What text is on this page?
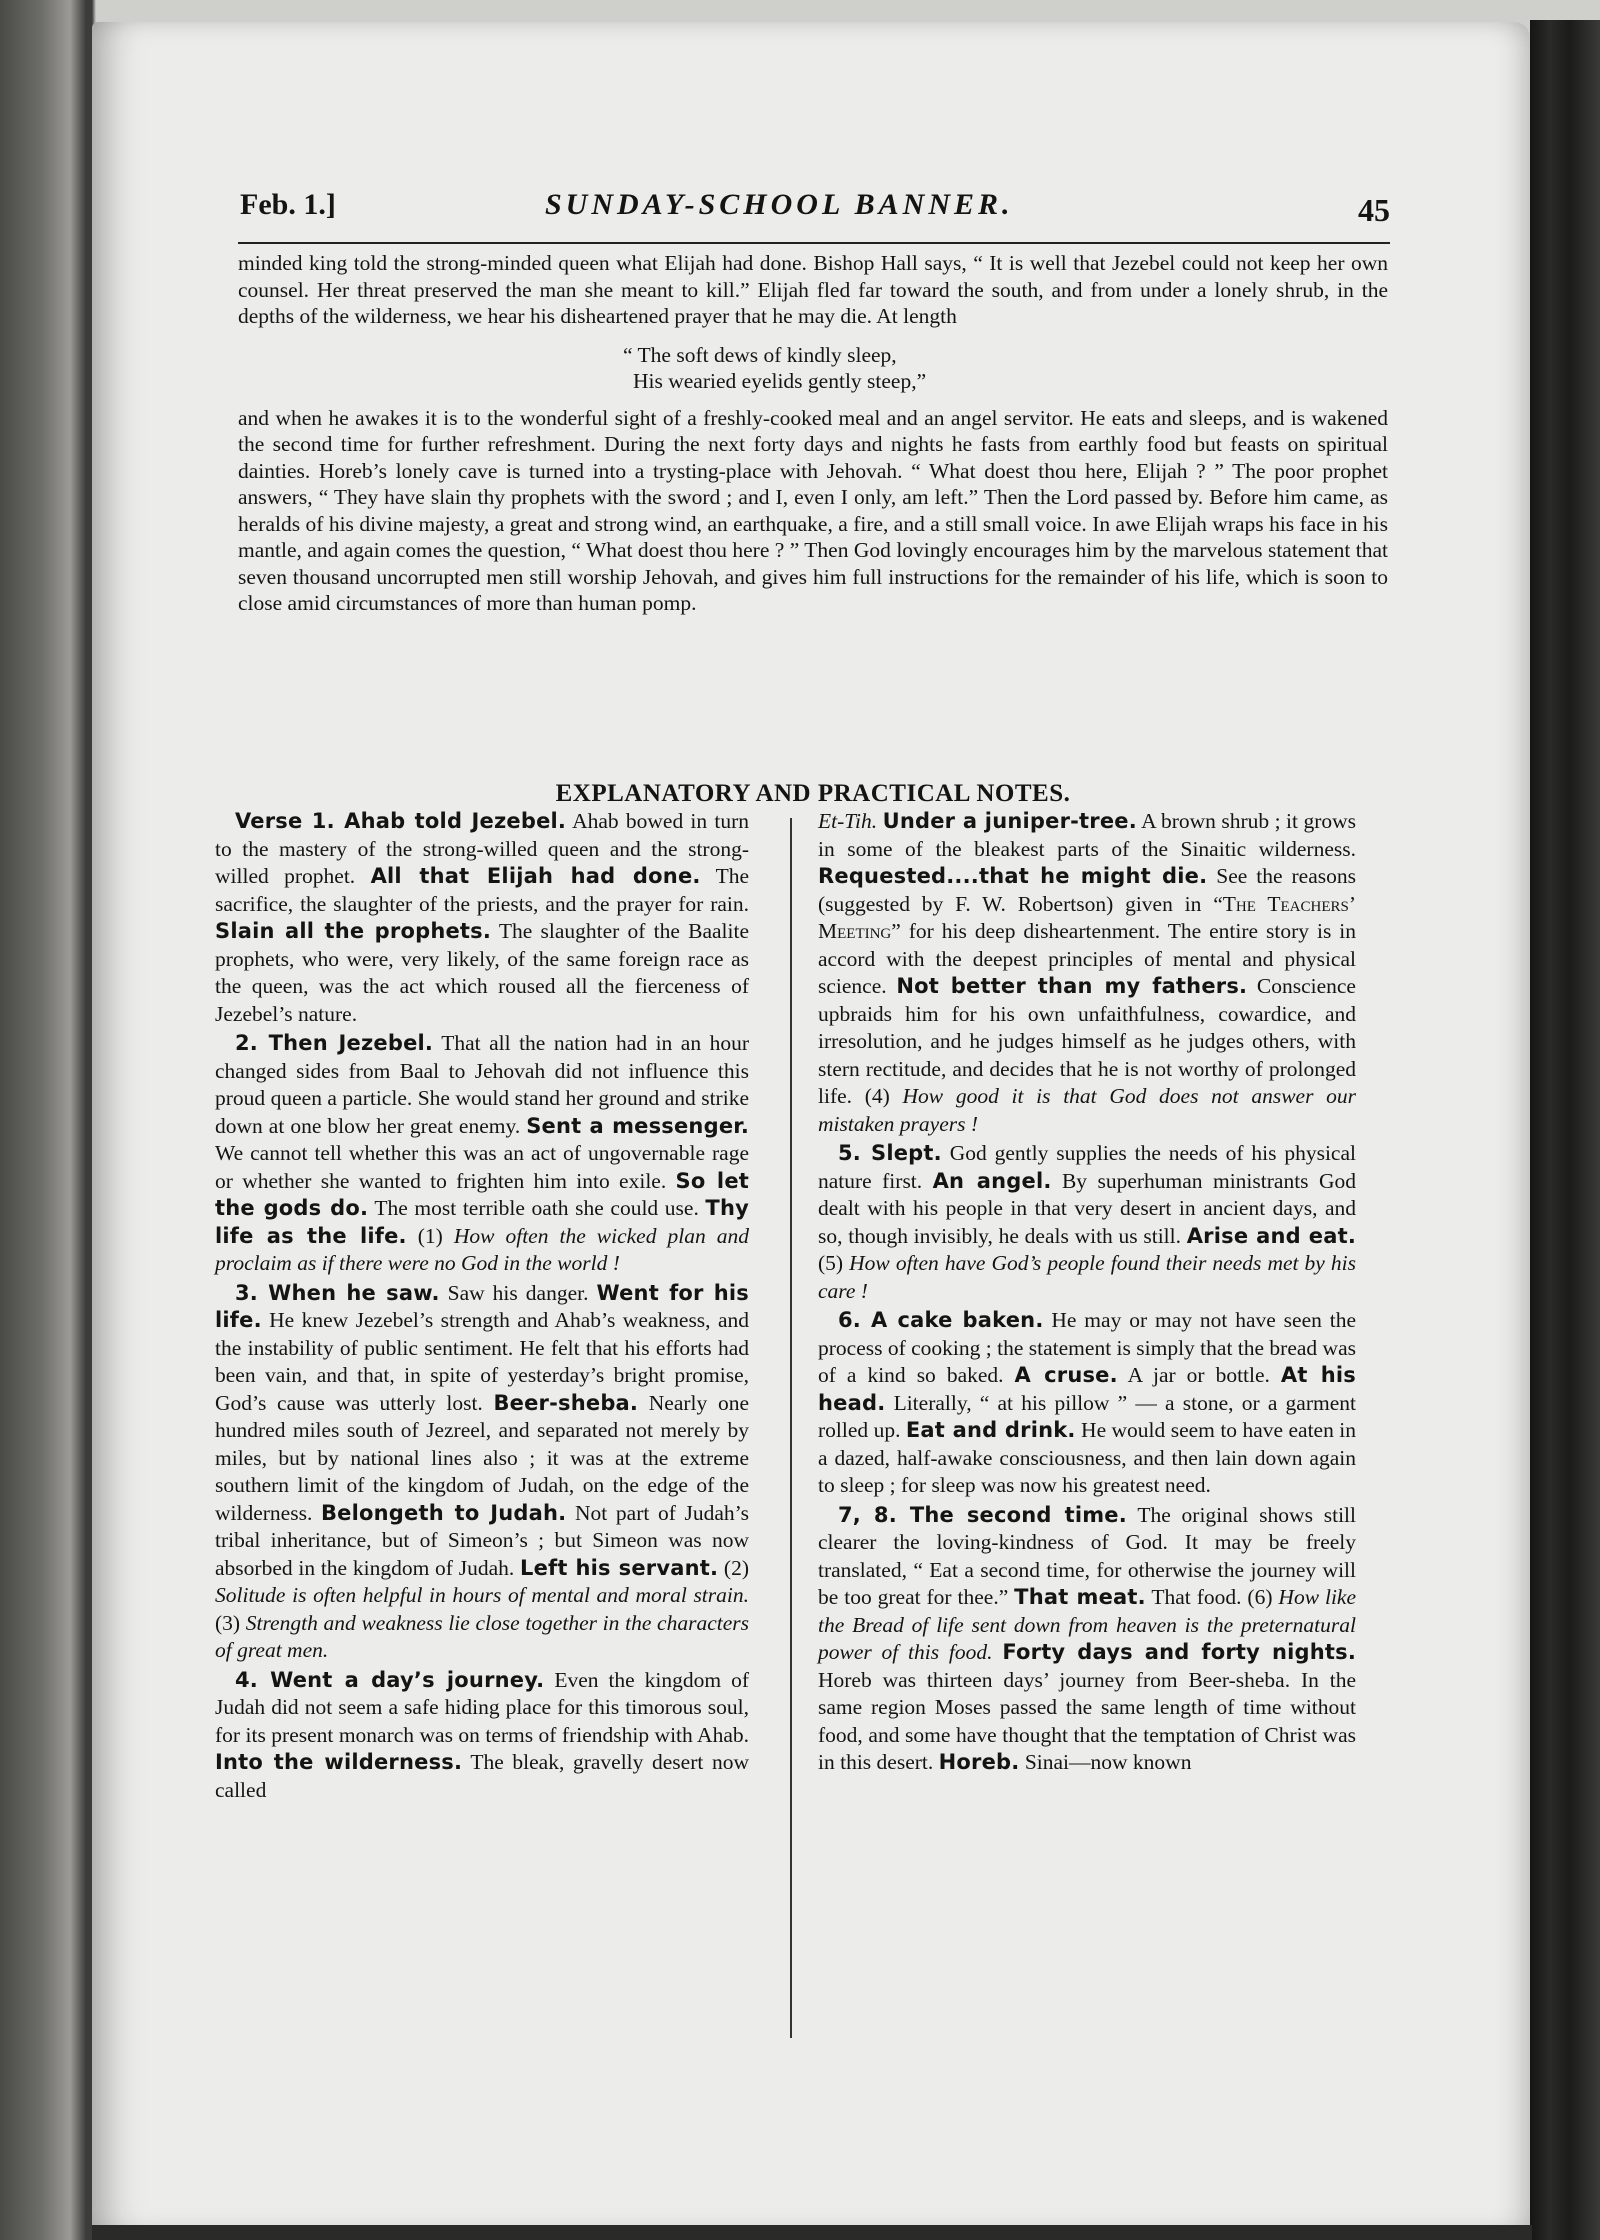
Feb. 1.]	SUNDAY-SCHOOL BANNER.	45

minded king told the strong-minded queen what Elijah had done. Bishop Hall says, “ It is well that Jezebel could not keep her own counsel. Her threat preserved the man she meant to kill.” Elijah fled far toward the south, and from under a lonely shrub, in the depths of the wilderness, we hear his disheartened prayer that he may die. At length

“ The soft dews of kindly sleep,
His wearied eyelids gently steep,”

and when he awakes it is to the wonderful sight of a freshly-cooked meal and an angel servitor. He eats and sleeps, and is wakened the second time for further refreshment. During the next forty days and nights he fasts from earthly food but feasts on spiritual dainties. Horeb’s lonely cave is turned into a trysting-place with Jehovah. “ What doest thou here, Elijah ? ” The poor prophet answers, “ They have slain thy prophets with the sword ; and I, even I only, am left.” Then the Lord passed by. Before him came, as heralds of his divine majesty, a great and strong wind, an earthquake, a fire, and a still small voice. In awe Elijah wraps his face in his mantle, and again comes the question, “ What doest thou here ? ” Then God lovingly encourages him by the marvelous statement that seven thousand uncorrupted men still worship Jehovah, and gives him full instructions for the remainder of his life, which is soon to close amid circumstances of more than human pomp.

EXPLANATORY AND PRACTICAL NOTES.

Verse 1. Ahab told Jezebel. Ahab bowed in turn to the mastery of the strong-willed queen and the strong-willed prophet. All that Elijah had done. The sacrifice, the slaughter of the priests, and the prayer for rain. Slain all the prophets. The slaughter of the Baalite prophets, who were, very likely, of the same foreign race as the queen, was the act which roused all the fierceness of Jezebel’s nature.

2. Then Jezebel. That all the nation had in an hour changed sides from Baal to Jehovah did not influence this proud queen a particle. She would stand her ground and strike down at one blow her great enemy. Sent a messenger. We cannot tell whether this was an act of ungovernable rage or whether she wanted to frighten him into exile. So let the gods do. The most terrible oath she could use. Thy life as the life. (1) How often the wicked plan and proclaim as if there were no God in the world !

3. When he saw. Saw his danger. Went for his life. He knew Jezebel’s strength and Ahab’s weakness, and the instability of public sentiment. He felt that his efforts had been vain, and that, in spite of yesterday’s bright promise, God’s cause was utterly lost. Beer-sheba. Nearly one hundred miles south of Jezreel, and separated not merely by miles, but by national lines also ; it was at the extreme southern limit of the kingdom of Judah, on the edge of the wilderness. Belongeth to Judah. Not part of Judah’s tribal inheritance, but of Simeon’s ; but Simeon was now absorbed in the kingdom of Judah. Left his servant. (2) Solitude is often helpful in hours of mental and moral strain. (3) Strength and weakness lie close together in the characters of great men.

4. Went a day’s journey. Even the kingdom of Judah did not seem a safe hiding place for this timorous soul, for its present monarch was on terms of friendship with Ahab. Into the wilderness. The bleak, gravelly desert now called

Et-Tih. Under a juniper-tree. A brown shrub ; it grows in some of the bleakest parts of the Sinaitic wilderness. Requested....that he might die. See the reasons (suggested by F. W. Robertson) given in “The Teachers’ Meeting” for his deep disheartenment. The entire story is in accord with the deepest principles of mental and physical science. Not better than my fathers. Conscience upbraids him for his own unfaithfulness, cowardice, and irresolution, and he judges himself as he judges others, with stern rectitude, and decides that he is not worthy of prolonged life. (4) How good it is that God does not answer our mistaken prayers !

5. Slept. God gently supplies the needs of his physical nature first. An angel. By superhuman ministrants God dealt with his people in that very desert in ancient days, and so, though invisibly, he deals with us still. Arise and eat. (5) How often have God’s people found their needs met by his care !

6. A cake baken. He may or may not have seen the process of cooking ; the statement is simply that the bread was of a kind so baked. A cruse. A jar or bottle. At his head. Literally, “ at his pillow ” — a stone, or a garment rolled up. Eat and drink. He would seem to have eaten in a dazed, half-awake consciousness, and then lain down again to sleep ; for sleep was now his greatest need.

7, 8. The second time. The original shows still clearer the loving-kindness of God. It may be freely translated, “ Eat a second time, for otherwise the journey will be too great for thee.” That meat. That food. (6) How like the Bread of life sent down from heaven is the preternatural power of this food. Forty days and forty nights. Horeb was thirteen days’ journey from Beer-sheba. In the same region Moses passed the same length of time without food, and some have thought that the temptation of Christ was in this desert. Horeb. Sinai—now known
